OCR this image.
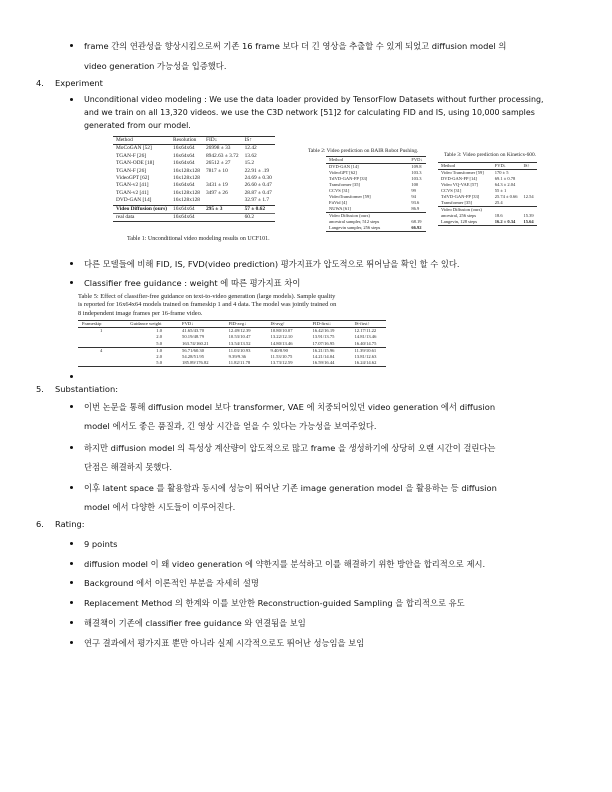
frame 간의 연관성을 향상시킴으로써 기존 16 frame 보다 더 긴 영상을 추출할 수 있게 되었고 diffusion model 의
video generation 가능성을 입증했다.
4. Experiment
Unconditional video modeling : We use the data loader provided by TensorFlow Datasets without further processing,
and we train on all 13,320 videos. we use the C3D network [51]2 for calculating FID and IS, using 10,000 samples
generated from our model.
Method	Resolution	FID↓	IS↑
MoCoGAN [52]	16x64x64	26998 ± 33	12.42
TGAN-F [26]	16x64x64	8942.63 ± 3.72	13.62
TGAN-ODE [18]	16x64x64	26512 ± 27	15.2
TGAN-F [26]	16x128x128	7817 ± 10	22.91 ± .19
VideoGPT [62]	16x128x128		24.69 ± 0.30
TGAN-v2 [41]	16x64x64	3431 ± 19	26.60 ± 0.47
TGAN-v2 [41]	16x128x128	3497 ± 26	28.87 ± 0.47
DVD-GAN [14]	16x128x128		32.97 ± 1.7
Video Diffusion (ours)	16x64x64	295 ± 3	57 ± 0.62
real data	16x64x64		60.2
Table 1: Unconditional video modeling results on UCF101.
Table 2: Video prediction on BAIR Robot Pushing.
Method	FVD↓
DVD-GAN [14]	109.8
VideoGPT [62]	103.3
TrIVD-GAN-FP [33]	103.3
Transformer [35]	100
CCVS [31]	99
VideoTransformer [59]	94
FitVid [4]	93.6
NUWA [61]	86.9
Video Diffusion (ours)	
ancestral sampler, 512 steps	68.19
Langevin sampler, 256 steps	66.92
Table 3: Video prediction on Kinetics-600.
Method	FVD↓	IS↑
Video Transformer [59]	170 ± 5	
DVD-GAN-FP [14]	69.1 ± 0.78	
Video VQ-VAE [57]	64.3 ± 2.04	
CCVS [31]	55 ± 1	
TrIVD-GAN-FP [33]	25.74 ± 0.66	12.54
Transformer [35]	25.4	
Video Diffusion (ours)		
ancestral, 256 steps	18.6	15.39
Langevin, 128 steps	16.2 ± 0.34	15.64
다른 모델들에 비해 FID, IS, FVD(video prediction) 평가지표가 압도적으로 뛰어남을 확인 할 수 있다.
Classifier free guidance : weight 에 따른 평가지표 차이
Table 5: Effect of classifier-free guidance on text-to-video generation (large models). Sample quality
is reported for 16x64x64 models trained on frameskip 1 and 4 data. The model was jointly trained on
8 independent image frames per 16-frame video.
Frameskip	Guidance weight	FVD↓	FID-avg↓	IS-avg↑	FID-first↓	IS-first↑
1	1.0	41.65/43.70	12.49/12.39	10.80/10.07	16.42/16.19	12.17/11.22
	2.0	50.19/48.79	10.53/10.47	13.22/12.10	13.91/13.75	14.81/13.46
	5.0	163.74/160.21	13.54/13.52	14.80/13.46	17.07/16.95	16.40/14.75
4	1.0	56.71/60.30	11.03/10.93	9.40/8.90	16.21/15.96	11.39/10.61
	2.0	54.28/51.95	9.39/9.36	11.53/10.75	14.21/14.04	13.81/12.63
	5.0	185.89/176.82	11.82/11.78	13.73/12.59	16.59/16.44	16.24/14.62
5. Substantiation:
이번 논문을 통해 diffusion model 보다 transformer, VAE 에 치중되어있던 video generation 에서 diffusion
model 에서도 좋은 품질과, 긴 영상 시간을 얻을 수 있다는 가능성을 보여주었다.
하지만 diffusion model 의 특성상 계산량이 압도적으로 많고 frame 을 생성하기에 상당히 오랜 시간이 걸린다는
단점은 해결하지 못했다.
이후 latent space 를 활용함과 동시에 성능이 뛰어난 기존 image generation model 을 활용하는 등 diffusion
model 에서 다양한 시도들이 이루어진다.
6. Rating:
9 points
diffusion model 이 왜 video generation 에 약한지를 분석하고 이를 해결하기 위한 방안을 합리적으로 제시.
Background 에서 이론적인 부분을 자세히 설명
Replacement Method 의 한계와 이를 보안한 Reconstruction-guided Sampling 을 합리적으로 유도
해결책이 기존에 classifier free guidance 와 연결됨을 보임
연구 결과에서 평가지표 뿐만 아니라 실제 시각적으로도 뛰어난 성능임을 보임
